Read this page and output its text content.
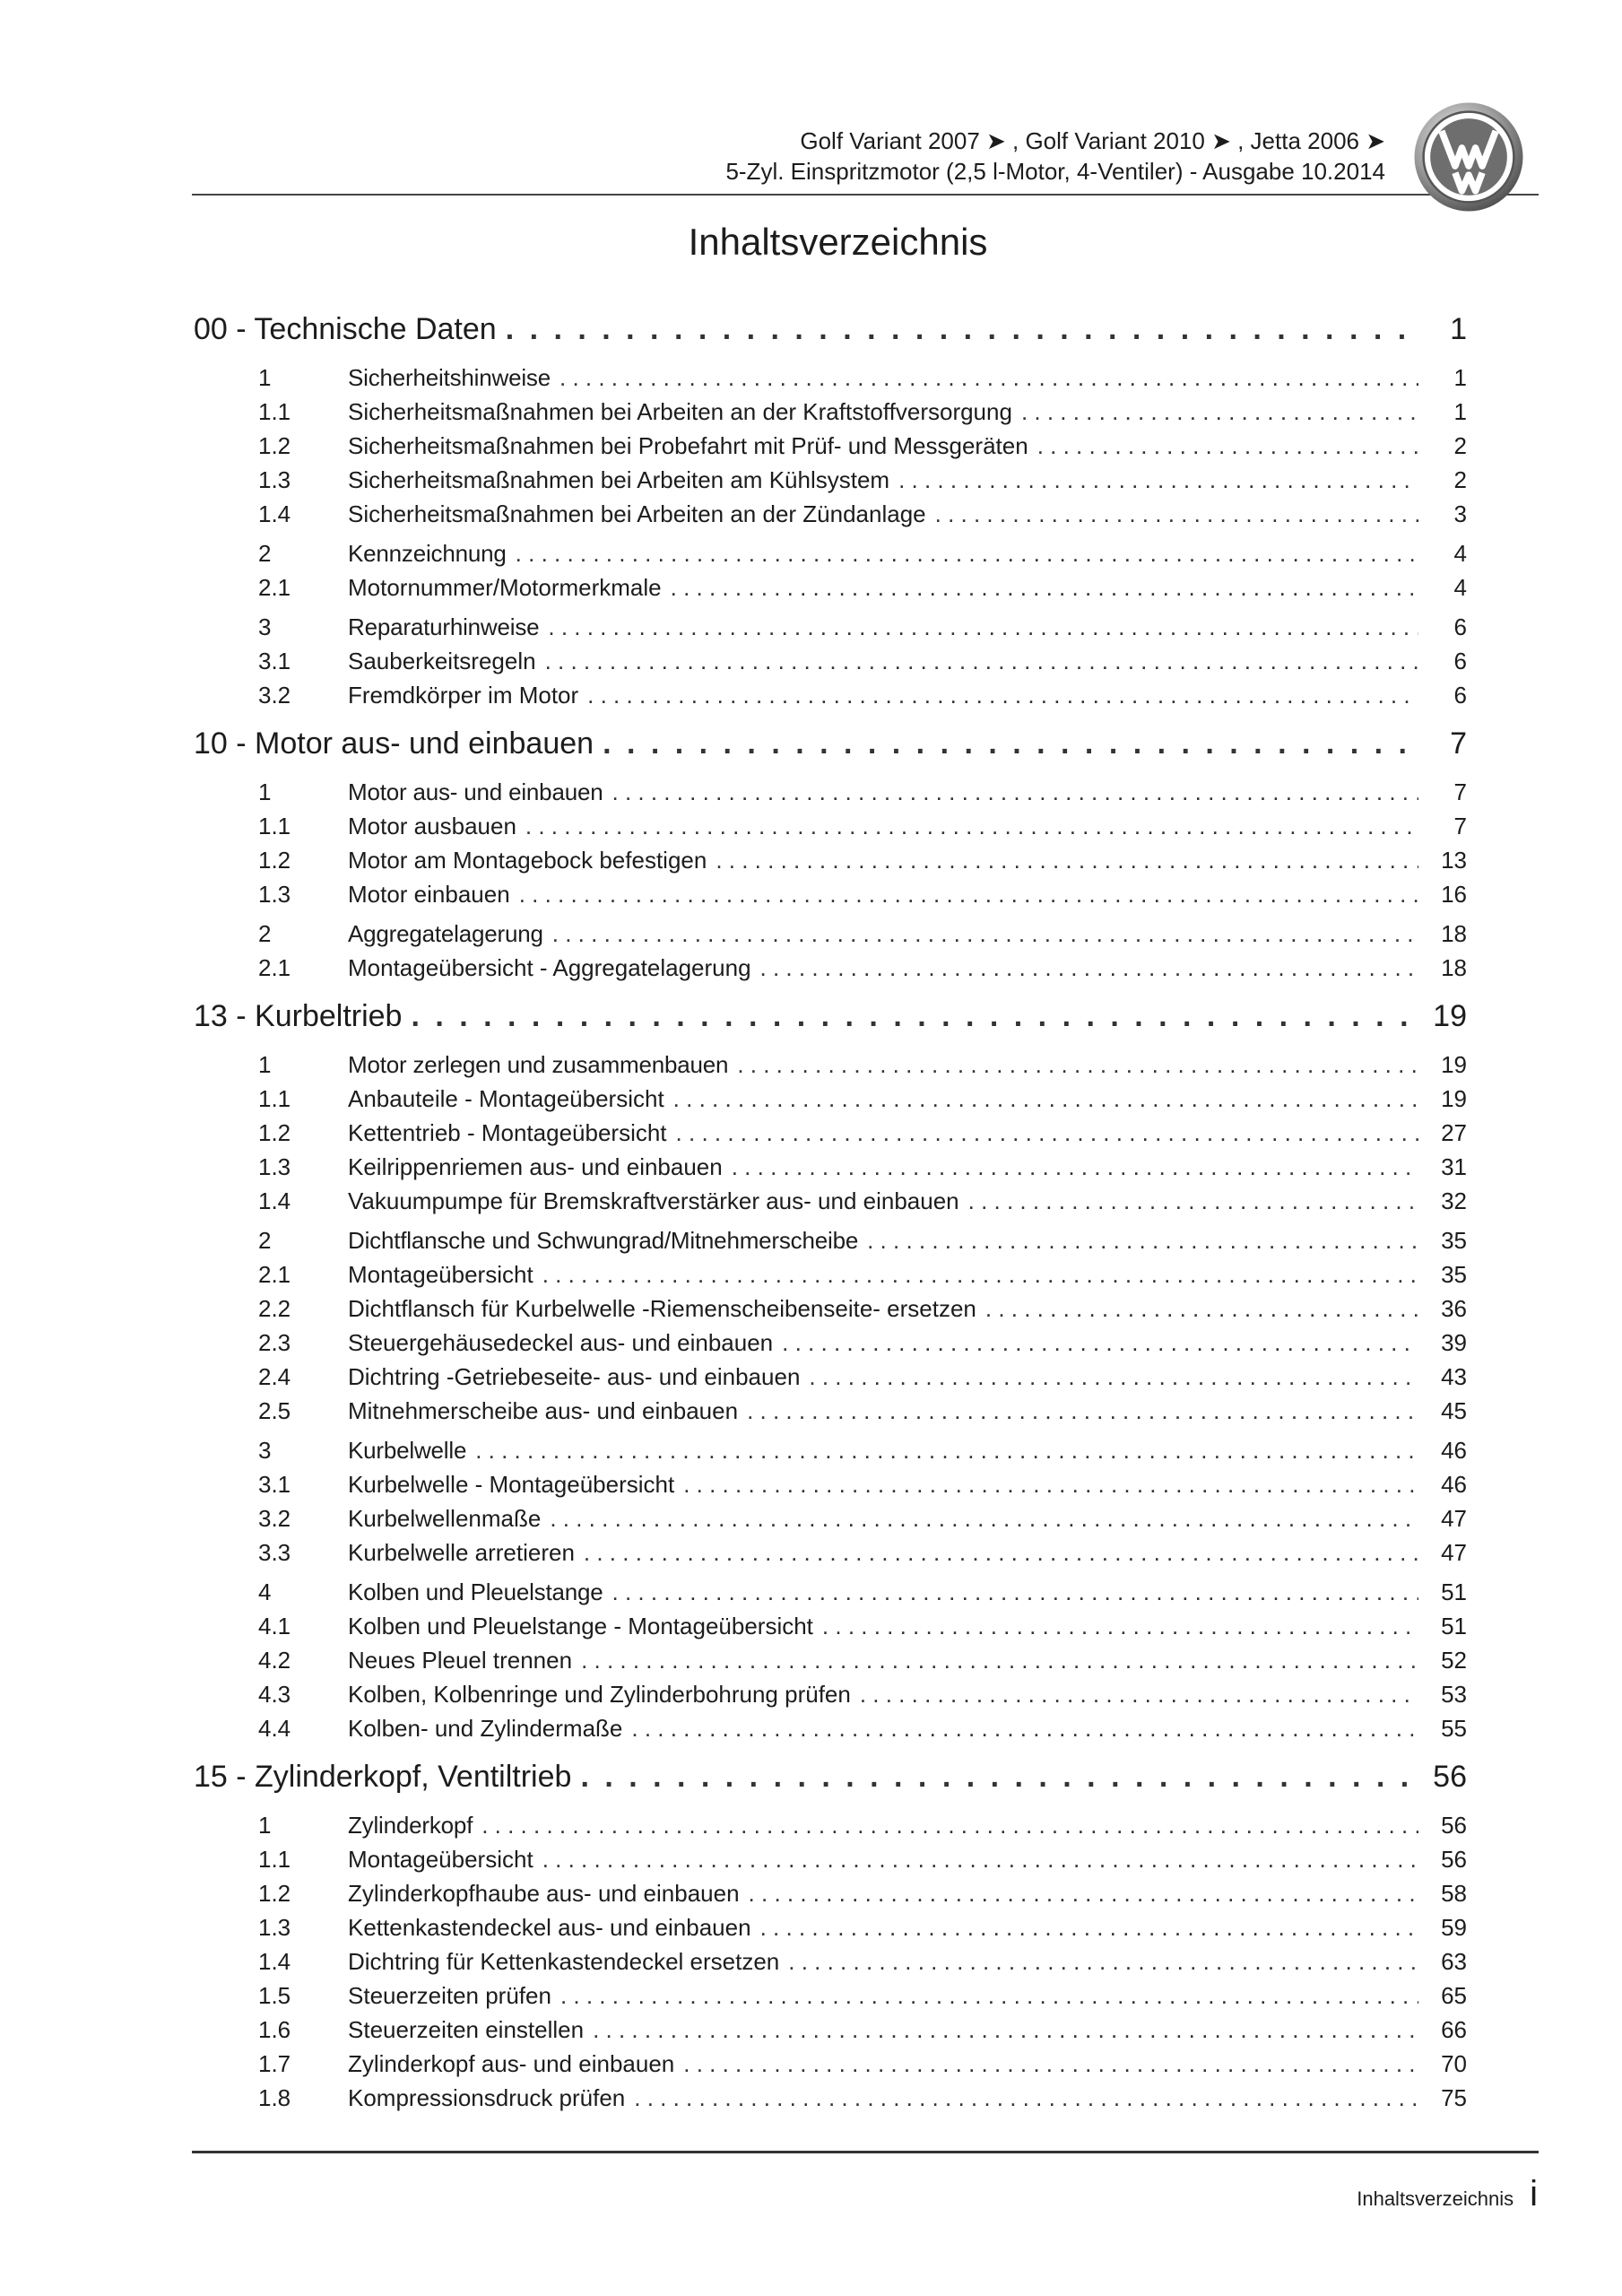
Golf Variant 2007 ➤ , Golf Variant 2010 ➤ , Jetta 2006 ➤
5-Zyl. Einspritzmotor (2,5 l-Motor, 4-Ventiler) - Ausgabe 10.2014
Inhaltsverzeichnis
00 - Technische Daten . . .	1
1	Sicherheitshinweise . . .	1
1.1	Sicherheitsmaßnahmen bei Arbeiten an der Kraftstoffversorgung . . .	1
1.2	Sicherheitsmaßnahmen bei Probefahrt mit Prüf- und Messgeräten . . .	2
1.3	Sicherheitsmaßnahmen bei Arbeiten am Kühlsystem . . .	2
1.4	Sicherheitsmaßnahmen bei Arbeiten an der Zündanlage . . .	3
2	Kennzeichnung . . .	4
2.1	Motornummer/Motormerkmale . . .	4
3	Reparaturhinweise . . .	6
3.1	Sauberkeitsregeln . . .	6
3.2	Fremdkörper im Motor . . .	6
10 - Motor aus- und einbauen . . .	7
1	Motor aus- und einbauen . . .	7
1.1	Motor ausbauen . . .	7
1.2	Motor am Montagebock befestigen . . .	13
1.3	Motor einbauen . . .	16
2	Aggregatelagerung . . .	18
2.1	Montageübersicht - Aggregatelagerung . . .	18
13 - Kurbeltrieb . . .	19
1	Motor zerlegen und zusammenbauen . . .	19
1.1	Anbauteile - Montageübersicht . . .	19
1.2	Kettentrieb - Montageübersicht . . .	27
1.3	Keilrippenriemen aus- und einbauen . . .	31
1.4	Vakuumpumpe für Bremskraftverstärker aus- und einbauen . . .	32
2	Dichtflansche und Schwungrad/Mitnehmerscheibe . . .	35
2.1	Montageübersicht . . .	35
2.2	Dichtflansch für Kurbelwelle -Riemenscheibenseite- ersetzen . . .	36
2.3	Steuergehäusedeckel aus- und einbauen . . .	39
2.4	Dichtring -Getriebeseite- aus- und einbauen . . .	43
2.5	Mitnehmerscheibe aus- und einbauen . . .	45
3	Kurbelwelle . . .	46
3.1	Kurbelwelle - Montageübersicht . . .	46
3.2	Kurbelwellenmaße . . .	47
3.3	Kurbelwelle arretieren . . .	47
4	Kolben und Pleuelstange . . .	51
4.1	Kolben und Pleuelstange - Montageübersicht . . .	51
4.2	Neues Pleuel trennen . . .	52
4.3	Kolben, Kolbenringe und Zylinderbohrung prüfen . . .	53
4.4	Kolben- und Zylindermaße . . .	55
15 - Zylinderkopf, Ventiltrieb . . .	56
1	Zylinderkopf . . .	56
1.1	Montageübersicht . . .	56
1.2	Zylinderkopfhaube aus- und einbauen . . .	58
1.3	Kettenkastendeckel aus- und einbauen . . .	59
1.4	Dichtring für Kettenkastendeckel ersetzen . . .	63
1.5	Steuerzeiten prüfen . . .	65
1.6	Steuerzeiten einstellen . . .	66
1.7	Zylinderkopf aus- und einbauen . . .	70
1.8	Kompressionsdruck prüfen . . .	75
Inhaltsverzeichnis i
